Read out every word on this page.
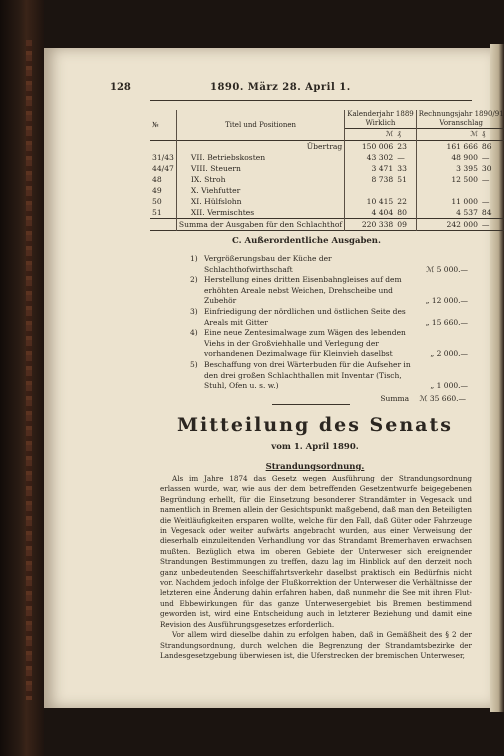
128	1890. März 28. April 1.
№	Titel und Positionen	Kalenderjahr 1889
Wirklich		Rechnungsjahr 1890/91
Voranschlag	
		ℳ	₰	ℳ	₰
	Übertrag	150 006	23	161 666	86
31/43	VII. Betriebskosten	43 302	—	48 900	—
44/47	VIII. Steuern	3 471	33	3 395	30
48	IX. Stroh	8 738	51	12 500	—
49	X. Viehfutter				
50	XI. Hülfslohn	10 415	22	11 000	—
51	XII. Vermischtes	4 404	80	4 537	84
	Summa der Ausgaben für den Schlachthof	220 338	09	242 000	—
C. Außerordentliche Ausgaben.
1) Vergrößerungsbau der Küche der Schlachthofwirthschaft	ℳ 5 000.—
2) Herstellung eines dritten Eisenbahngleises auf dem erhöhten Areale nebst Weichen, Drehscheibe und Zubehör	„ 12 000.—
3) Einfriedigung der nördlichen und östlichen Seite des Areals mit Gitter	„ 15 660.—
4) Eine neue Zentesimalwage zum Wägen des lebenden Viehs in der Großviehhalle und Verlegung der vorhandenen Dezimalwage für Kleinvieh daselbst	„ 2 000.—
5) Beschaffung von drei Wärterbuden für die Aufseher in den drei großen Schlachthallen mit Inventar (Tisch, Stuhl, Ofen u. s. w.)	„ 1 000.—
Summa ℳ 35 660.—
Mitteilung des Senats
vom 1. April 1890.
Strandungsordnung.

Als im Jahre 1874 das Gesetz wegen Ausführung der Strandungsordnung erlassen wurde, war, wie aus der dem betreffenden Gesetzentwurfe beigegebenen Begründung erhellt, für die Einsetzung besonderer Strandämter in Vegesack und namentlich in Bremen allein der Gesichtspunkt maßgebend, daß man den Beteiligten die Weitläufigkeiten ersparen wollte, welche für den Fall, daß Güter oder Fahrzeuge in Vegesack oder weiter aufwärts angebracht wurden, aus einer Verweisung der dieserhalb einzuleitenden Verhandlung vor das Strandamt Bremerhaven erwachsen mußten. Bezüglich etwa im oberen Gebiete der Unterweser sich ereignender Strandungen Bestimmungen zu treffen, dazu lag im Hinblick auf den derzeit noch ganz unbedeutenden Seeschiffahrtsverkehr daselbst praktisch ein Bedürfnis nicht vor. Nachdem jedoch infolge der Flußkorrektion der Unterweser die Verhältnisse der letzteren eine Änderung dahin erfahren haben, daß nunmehr die See mit ihren Flut- und Ebbewirkungen für das ganze Unterwesergebiet bis Bremen bestimmend geworden ist, wird eine Entscheidung auch in letzterer Beziehung und damit eine Revision des Ausführungsgesetzes erforderlich.

Vor allem wird dieselbe dahin zu erfolgen haben, daß in Gemäßheit des § 2 der Strandungsordnung, durch welchen die Begrenzung der Strandamtsbezirke der Landesgesetzgebung überwiesen ist, die Uferstrecken der bremischen Unterweser,
